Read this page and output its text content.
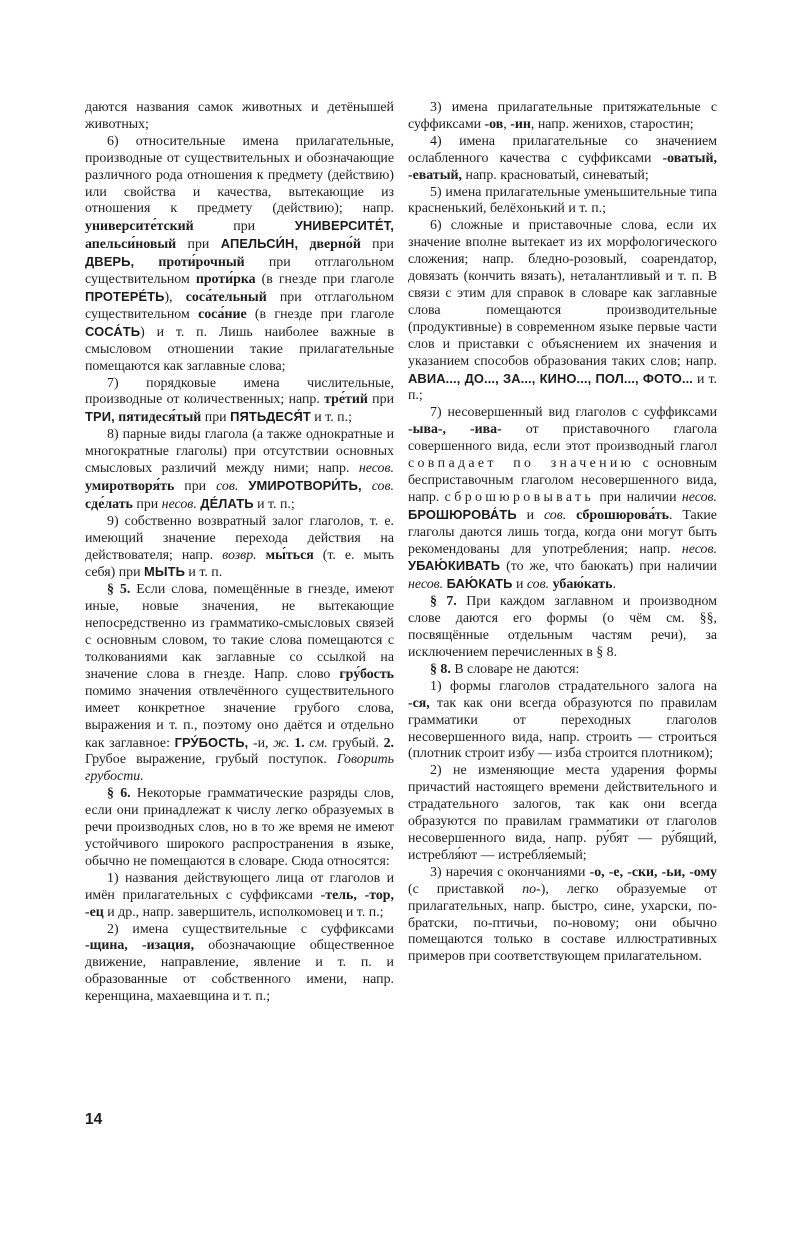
даются названия самок животных и детёнышей животных;

6) относительные имена прилагательные, производные от существительных и обозначающие различного рода отношения к предмету (действию) или свойства и качества, вытекающие из отношения к предмету (действию); напр. университе́тский при УНИВЕРСИТЕ́Т, апельси́новый при АПЕЛЬСИ́Н, дверно́й при ДВЕРЬ, проти́рочный при отглагольном существительном проти́рка (в гнезде при глаголе ПРОТЕРЕ́ТЬ), соса́тельный при отглагольном существительном соса́ние (в гнезде при глаголе СОСА́ТЬ) и т. п. Лишь наиболее важные в смысловом отношении такие прилагательные помещаются как заглавные слова;

7) порядковые имена числительные, производные от количественных; напр. тре́тий при ТРИ, пятидеся́тый при ПЯТЬДЕСЯ́Т и т. п.;

8) парные виды глагола (а также однократные и многократные глаголы) при отсутствии основных смысловых различий между ними; напр. несов. умиротворя́ть при сов. УМИРОТВОРИ́ТЬ, сов. сде́лать при несов. ДЕ́ЛАТЬ и т. п.;

9) собственно возвратный залог глаголов, т. е. имеющий значение перехода действия на действователя; напр. возвр. мы́ться (т. е. мыть себя) при МЫТЬ и т. п.

§ 5. Если слова, помещённые в гнезде, имеют иные, новые значения, не вытекающие непосредственно из грамматико-смысловых связей с основным словом, то такие слова помещаются с толкованиями как заглавные со ссылкой на значение слова в гнезде. Напр. слово гру́бость помимо значения отвлечённого существительного имеет конкретное значение грубого слова, выражения и т. п., поэтому оно даётся и отдельно как заглавное: ГРУ́БОСТЬ, -и, ж. 1. см. грубый. 2. Грубое выражение, грубый поступок. Говорить грубости.

§ 6. Некоторые грамматические разряды слов, если они принадлежат к числу легко образуемых в речи производных слов, но в то же время не имеют устойчивого широкого распространения в языке, обычно не помещаются в словаре. Сюда относятся:

1) названия действующего лица от глаголов и имён прилагательных с суффиксами -тель, -тор, -ец и др., напр. завершитель, исполкомовец и т. п.;

2) имена существительные с суффиксами -щина, -изация, обозначающие общественное движение, направление, явление и т. п. и образованные от собственного имени, напр. керенщина, махаевщина и т. п.;

3) имена прилагательные притяжательные с суффиксами -ов, -ин, напр. женихов, старостин;

4) имена прилагательные со значением ослабленного качества с суффиксами -оватый, -еватый, напр. красноватый, синеватый;

5) имена прилагательные уменьшительные типа красненький, белёхонький и т. п.;

6) сложные и приставочные слова, если их значение вполне вытекает из их морфологического сложения; напр. бледно-розовый, соарендатор, довязать (кончить вязать), неталантливый и т. п. В связи с этим для справок в словаре как заглавные слова помещаются производительные (продуктивные) в современном языке первые части слов и приставки с объяснением их значения и указанием способов образования таких слов; напр. АВИА..., ДО..., ЗА..., КИНО..., ПОЛ..., ФОТО... и т. п.;

7) несовершенный вид глаголов с суффиксами -ыва-, -ива- от приставочного глагола совершенного вида, если этот производный глагол совпадает по значению с основным бесприставочным глаголом несовершенного вида, напр. сброшюровывать при наличии несов. БРОШЮРОВА́ТЬ и сов. сброшюрова́ть. Такие глаголы даются лишь тогда, когда они могут быть рекомендованы для употребления; напр. несов. УБАЮ́КИВАТЬ (то же, что баюкать) при наличии несов. БАЮ́КАТЬ и сов. убаю́кать.

§ 7. При каждом заглавном и производном слове даются его формы (о чём см. §§, посвящённые отдельным частям речи), за исключением перечисленных в § 8.

§ 8. В словаре не даются:

1) формы глаголов страдательного залога на -ся, так как они всегда образуются по правилам грамматики от переходных глаголов несовершенного вида, напр. строить — строиться (плотник строит избу — изба строится плотником);

2) не изменяющие места ударения формы причастий настоящего времени действительного и страдательного залогов, так как они всегда образуются по правилам грамматики от глаголов несовершенного вида, напр. ру́бят — ру́бящий, истребля́ют — истребля́емый;

3) наречия с окончаниями -о, -е, -ски, -ьи, -ому (с приставкой по-), легко образуемые от прилагательных, напр. быстро, сине, ухарски, по-братски, по-птичьи, по-новому; они обычно помещаются только в составе иллюстративных примеров при соответствующем прилагательном.

14
